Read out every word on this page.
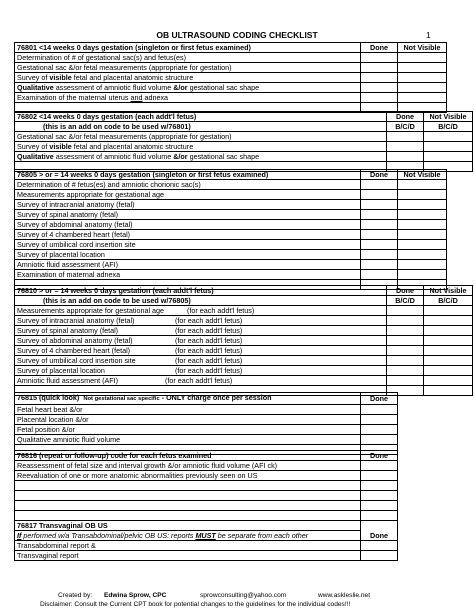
OB ULTRASOUND CODING CHECKLIST	1
76801 <14 weeks 0 days gestation (singleton or first fetus examined)	Done	Not Visible
Determination of # of gestational sac(s) and fetus(es)		
Gestational sac &/or fetal measurements (appropriate for gestation)		
Survey of visible fetal and placental anatomic structure		
Qualitative assessment of amniotic fluid volume &/or gestational sac shape		
Examination of the maternal uterus and adnexa		

76802 <14 weeks 0 days gestation (each addt'l fetus)	Done	Not Visible
(this is an add on code to be used w/76801)	B/C/D	B/C/D
Gestational sac &/or fetal measurements (appropriate for gestation)		
Survey of visible fetal and placental anatomic structure		
Qualitative assessment of amniotic fluid volume &/or gestational sac shape		

76805 > or = 14 weeks 0 days gestation (singleton or first fetus examined)	Done	Not Visible
Determination of # fetus(es) and amniotic chorionic sac(s)		
Measurements appropriate for gestational age		
Survey of intracranial anatomy (fetal)		
Survey of spinal anatomy (fetal)		
Survey of abdominal anatomy (fetal)		
Survey of 4 chambered heart (fetal)		
Survey of umbilical cord insertion site		
Survey of placental location		
Amniotic fluid assessment (AFI)		
Examination of maternal adnexa		

76810 > or = 14 weeks 0 days gestation (each addt'l fetus)	Done	Not Visible
(this is an add on code to be used w/76805)	B/C/D	B/C/D
Measurements appropriate for gestational age (for each addt'l fetus)		

Survey of intracranial anatomy (fetal) (for each addt'l fetus)		

Survey of spinal anatomy (fetal) (for each addt'l fetus)		

Survey of abdominal anatomy (fetal) (for each addt'l fetus)		

Survey of 4 chambered heart (fetal) (for each addt'l fetus)		

Survey of umbilical cord insertion site (for each addt'l fetus)		

Survey of placental location (for each addt'l fetus)		

Amniotic fluid assessment (AFI) (for each addt'l fetus)		

76815 (quick look) Not gestational sac specific - ONLY charge once per session	Done	
Fetal heart beat &/or		
Placental location &/or		
Fetal position &/or		
Qualitative amniotic fluid volume		

76816 (repeat or follow-up) code for each fetus examined	Done	
Reassessment of fetal size and interval growth &/or amniotic fluid volume (AFI ck)		
Reevaluation of one or more anatomic abnormalities previously seen on US		

76817 Transvaginal OB US	Done	
If performed w/a Transabdominal/pelvic OB US: reports MUST be separate from each other		
Transabdominal report &		
Transvaginal report		
Created by: Edwina Sprow, CPC	sprowconsulting@yahoo.com	www.askleslie.net
Disclaimer: Consult the Current CPT book for potential changes to the guidelines for the individual codes!!!
